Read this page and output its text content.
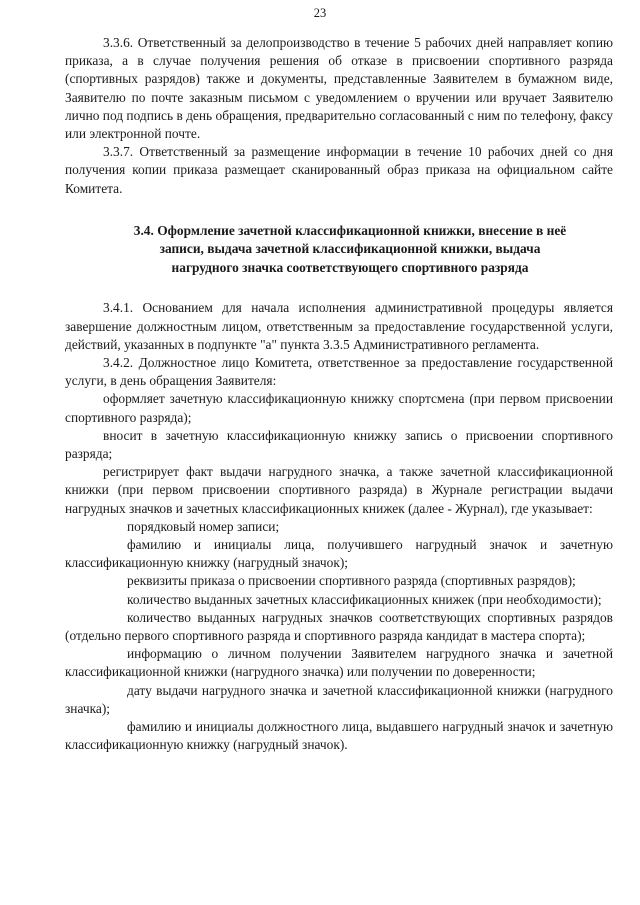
23

3.3.6. Ответственный за делопроизводство в течение 5 рабочих дней направляет копию приказа, а в случае получения решения об отказе в присвоении спортивного разряда (спортивных разрядов) также и документы, представленные Заявителем в бумажном виде, Заявителю по почте заказным письмом с уведомлением о вручении или вручает Заявителю лично под подпись в день обращения, предварительно согласованный с ним по телефону, факсу или электронной почте.

3.3.7. Ответственный за размещение информации в течение 10 рабочих дней со дня получения копии приказа размещает сканированный образ приказа на официальном сайте Комитета.

3.4. Оформление зачетной классификационной книжки, внесение в неё
записи, выдача зачетной классификационной книжки, выдача
нагрудного значка соответствующего спортивного разряда

3.4.1. Основанием для начала исполнения административной процедуры является завершение должностным лицом, ответственным за предоставление государственной услуги, действий, указанных в подпункте "а" пункта 3.3.5 Административного регламента.

3.4.2. Должностное лицо Комитета, ответственное за предоставление государственной услуги, в день обращения Заявителя:

оформляет зачетную классификационную книжку спортсмена (при первом присвоении спортивного разряда);

вносит в зачетную классификационную книжку запись о присвоении спортивного разряда;

регистрирует факт выдачи нагрудного значка, а также зачетной классификационной книжки (при первом присвоении спортивного разряда) в Журнале регистрации выдачи нагрудных значков и зачетных классификационных книжек (далее - Журнал), где указывает:

порядковый номер записи;

фамилию и инициалы лица, получившего нагрудный значок и зачетную классификационную книжку (нагрудный значок);

реквизиты приказа о присвоении спортивного разряда (спортивных разрядов);

количество выданных зачетных классификационных книжек (при необходимости);

количество выданных нагрудных значков соответствующих спортивных разрядов (отдельно первого спортивного разряда и спортивного разряда кандидат в мастера спорта);

информацию о личном получении Заявителем нагрудного значка и зачетной классификационной книжки (нагрудного значка) или получении по доверенности;

дату выдачи нагрудного значка и зачетной классификационной книжки (нагрудного значка);

фамилию и инициалы должностного лица, выдавшего нагрудный значок и зачетную классификационную книжку (нагрудный значок).
